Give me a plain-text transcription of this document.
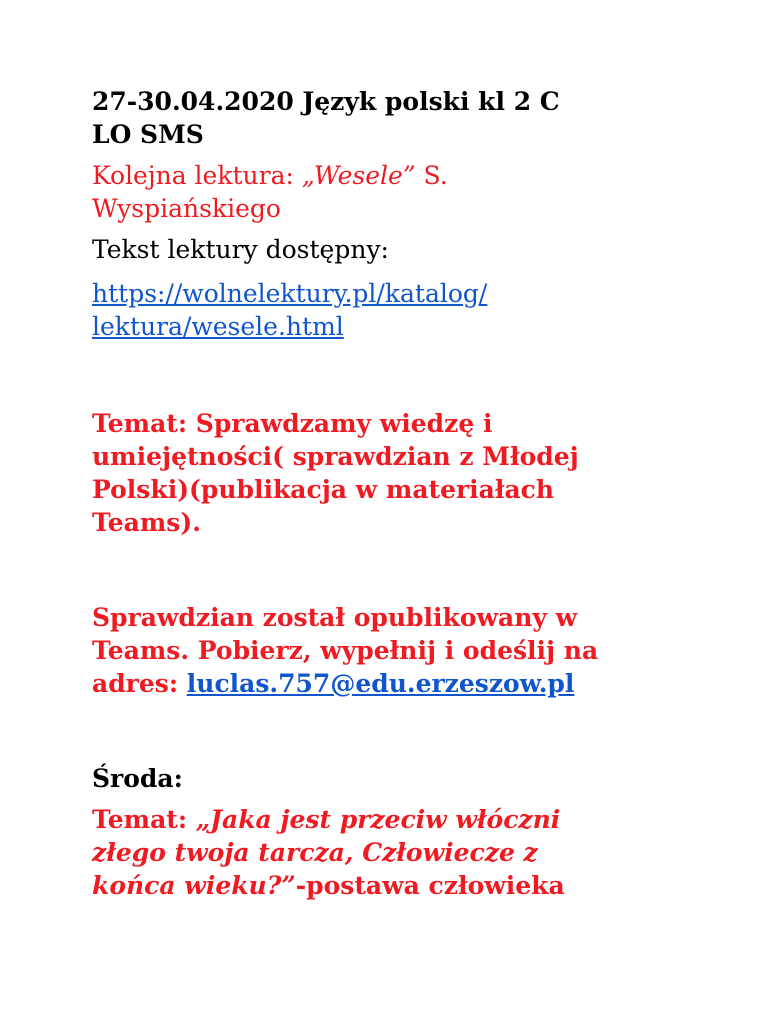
27-30.04.2020 Język polski kl 2 C
LO SMS

Kolejna lektura: „Wesele” S.
Wyspiańskiego

Tekst lektury dostępny:

https://wolnelektury.pl/katalog/
lektura/wesele.html

Temat: Sprawdzamy wiedzę i
umiejętności( sprawdzian z Młodej
Polski)(publikacja w materiałach
Teams).

Sprawdzian został opublikowany w
Teams. Pobierz, wypełnij i odeślij na
adres: luclas.757@edu.erzeszow.pl

Środa:

Temat: „Jaka jest przeciw włóczni
złego twoja tarcza, Człowiecze z
końca wieku?”-postawa człowieka
